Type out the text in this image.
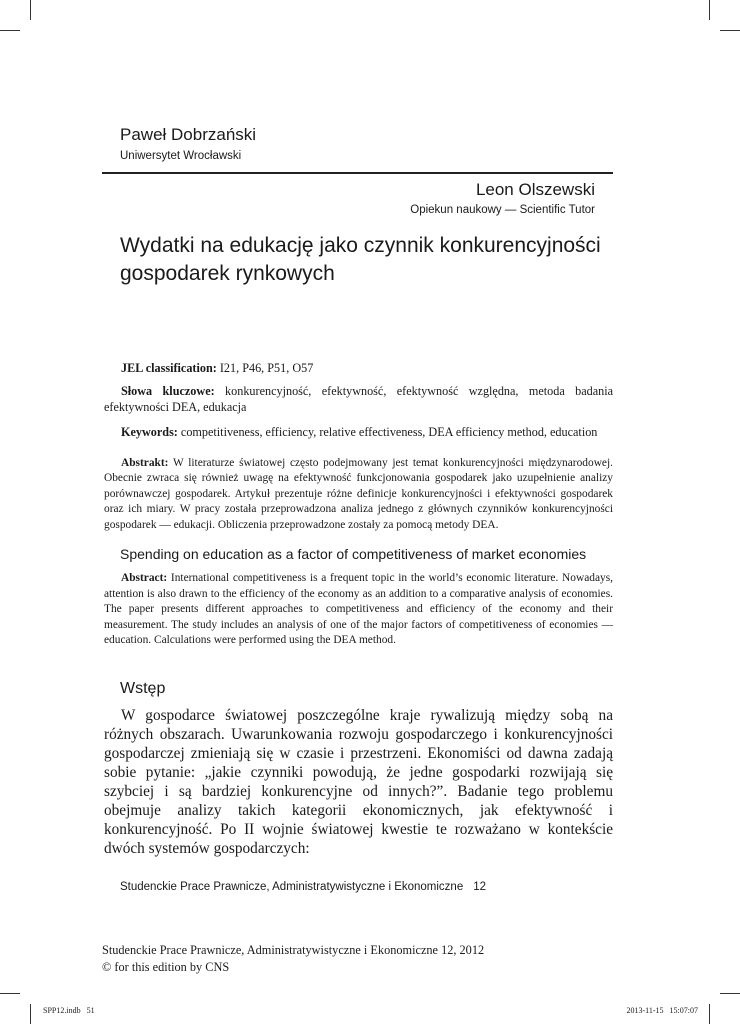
Paweł Dobrzański
Uniwersytet Wrocławski
Leon Olszewski
Opiekun naukowy — Scientific Tutor
Wydatki na edukację jako czynnik konkurencyjności gospodarek rynkowych
JEL classification: I21, P46, P51, O57
Słowa kluczowe: konkurencyjność, efektywność, efektywność względna, metoda badania efektywności DEA, edukacja
Keywords: competitiveness, efficiency, relative effectiveness, DEA efficiency method, education
Abstrakt: W literaturze światowej często podejmowany jest temat konkurencyjności międzynarodowej. Obecnie zwraca się również uwagę na efektywność funkcjonowania gospodarek jako uzupełnienie analizy porównawczej gospodarek. Artykuł prezentuje różne definicje konkurencyjności i efektywności gospodarek oraz ich miary. W pracy została przeprowadzona analiza jednego z głównych czynników konkurencyjności gospodarek — edukacji. Obliczenia przeprowadzone zostały za pomocą metody DEA.
Spending on education as a factor of competitiveness of market economies
Abstract: International competitiveness is a frequent topic in the world’s economic literature. Nowadays, attention is also drawn to the efficiency of the economy as an addition to a comparative analysis of economies. The paper presents different approaches to competitiveness and efficiency of the economy and their measurement. The study includes an analysis of one of the major factors of competitiveness of economies — education. Calculations were performed using the DEA method.
Wstęp
W gospodarce światowej poszczególne kraje rywalizują między sobą na różnych obszarach. Uwarunkowania rozwoju gospodarczego i konkurencyjności gospodarczej zmieniają się w czasie i przestrzeni. Ekonomiści od dawna zadają sobie pytanie: „jakie czynniki powodują, że jedne gospodarki rozwijają się szybciej i są bardziej konkurencyjne od innych?”. Badanie tego problemu obejmuje analizy takich kategorii ekonomicznych, jak efektywność i konkurencyjność. Po II wojnie światowej kwestie te rozważano w kontekście dwóch systemów gospodarczych:
Studenckie Prace Prawnicze, Administratywistyczne i Ekonomiczne 12
Studenckie Prace Prawnicze, Administratywistyczne i Ekonomiczne 12, 2012
© for this edition by CNS
SPP12.indb   51	2013-11-15   15:07:07
